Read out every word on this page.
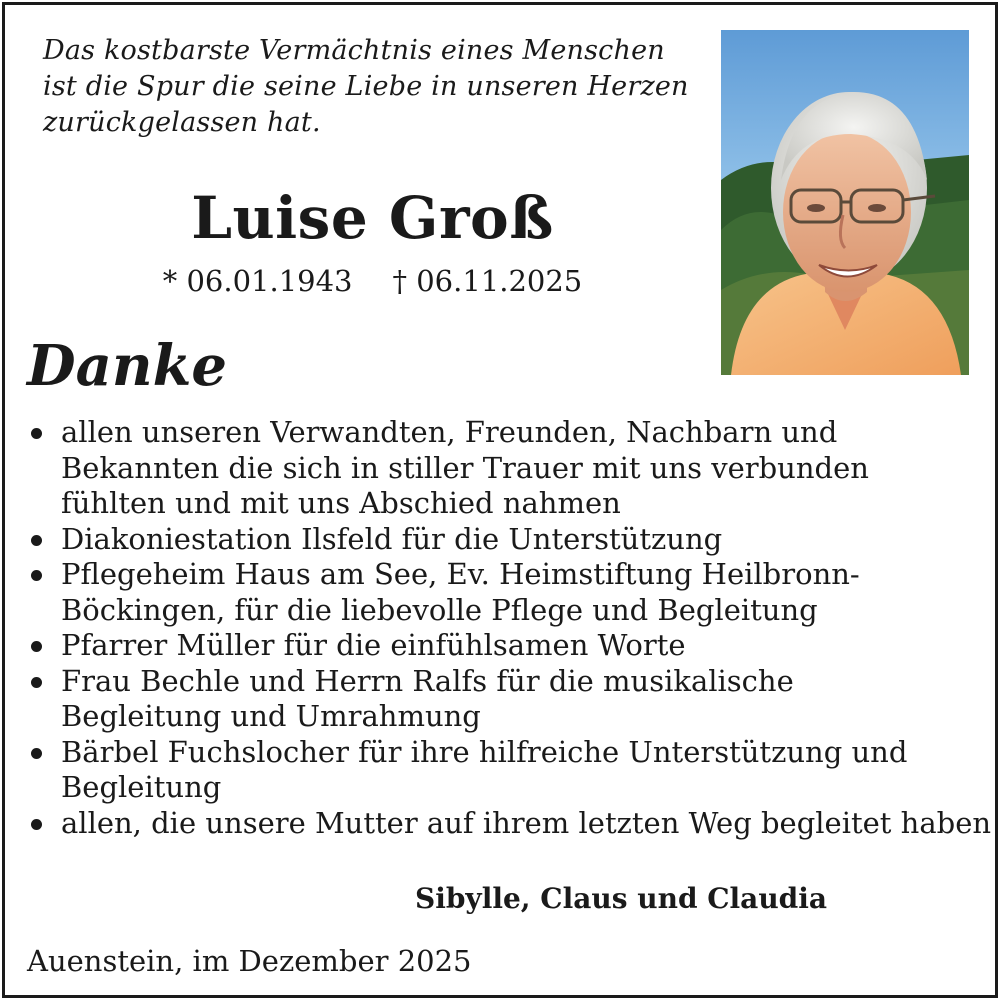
Das kostbarste Vermächtnis eines Menschen
ist die Spur die seine Liebe in unseren Herzen
zurückgelassen hat.
Luise Groß
* 06.01.1943 † 06.11.2025
Danke
allen unseren Verwandten, Freunden, Nachbarn und
Bekannten die sich in stiller Trauer mit uns verbunden
fühlten und mit uns Abschied nahmen
Diakoniestation Ilsfeld für die Unterstützung
Pflegeheim Haus am See, Ev. Heimstiftung Heilbronn-
Böckingen, für die liebevolle Pflege und Begleitung
Pfarrer Müller für die einfühlsamen Worte
Frau Bechle und Herrn Ralfs für die musikalische
Begleitung und Umrahmung
Bärbel Fuchslocher für ihre hilfreiche Unterstützung und
Begleitung
allen, die unsere Mutter auf ihrem letzten Weg begleitet haben
Sibylle, Claus und Claudia
Auenstein, im Dezember 2025
